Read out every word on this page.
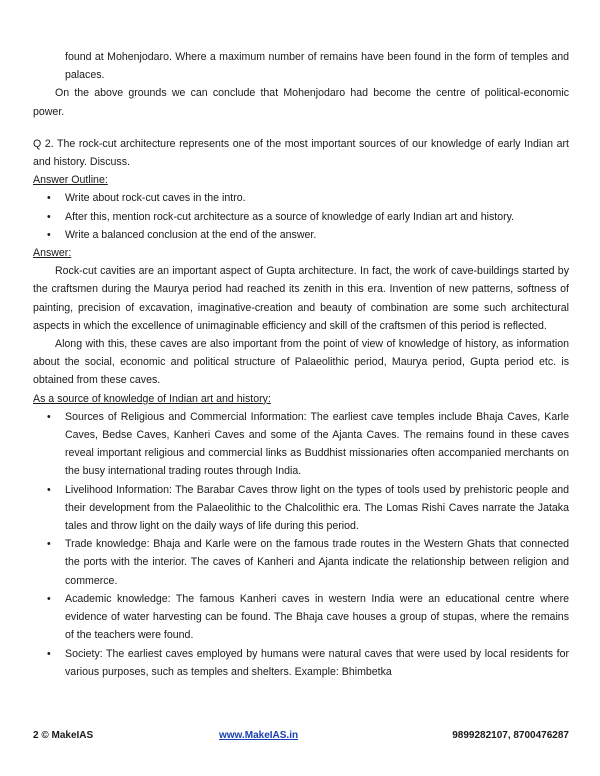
found at Mohenjodaro. Where a maximum number of remains have been found in the form of temples and palaces.

On the above grounds we can conclude that Mohenjodaro had become the centre of political-economic power.

Q 2. The rock-cut architecture represents one of the most important sources of our knowledge of early Indian art and history. Discuss.

Answer Outline:

• Write about rock-cut caves in the intro.
• After this, mention rock-cut architecture as a source of knowledge of early Indian art and history.
• Write a balanced conclusion at the end of the answer.

Answer:

Rock-cut cavities are an important aspect of Gupta architecture. In fact, the work of cave-buildings started by the craftsmen during the Maurya period had reached its zenith in this era. Invention of new patterns, softness of painting, precision of excavation, imaginative-creation and beauty of combination are some such architectural aspects in which the excellence of unimaginable efficiency and skill of the craftsmen of this period is reflected.

Along with this, these caves are also important from the point of view of knowledge of history, as information about the social, economic and political structure of Palaeolithic period, Maurya period, Gupta period etc. is obtained from these caves.

As a source of knowledge of Indian art and history:

• Sources of Religious and Commercial Information: The earliest cave temples include Bhaja Caves, Karle Caves, Bedse Caves, Kanheri Caves and some of the Ajanta Caves. The remains found in these caves reveal important religious and commercial links as Buddhist missionaries often accompanied merchants on the busy international trading routes through India.
• Livelihood Information: The Barabar Caves throw light on the types of tools used by prehistoric people and their development from the Palaeolithic to the Chalcolithic era. The Lomas Rishi Caves narrate the Jataka tales and throw light on the daily ways of life during this period.
• Trade knowledge: Bhaja and Karle were on the famous trade routes in the Western Ghats that connected the ports with the interior. The caves of Kanheri and Ajanta indicate the relationship between religion and commerce.
• Academic knowledge: The famous Kanheri caves in western India were an educational centre where evidence of water harvesting can be found. The Bhaja cave houses a group of stupas, where the remains of the teachers were found.
• Society: The earliest caves employed by humans were natural caves that were used by local residents for various purposes, such as temples and shelters. Example: Bhimbetka
2 © MakeIAS	www.MakeIAS.in	9899282107, 8700476287
